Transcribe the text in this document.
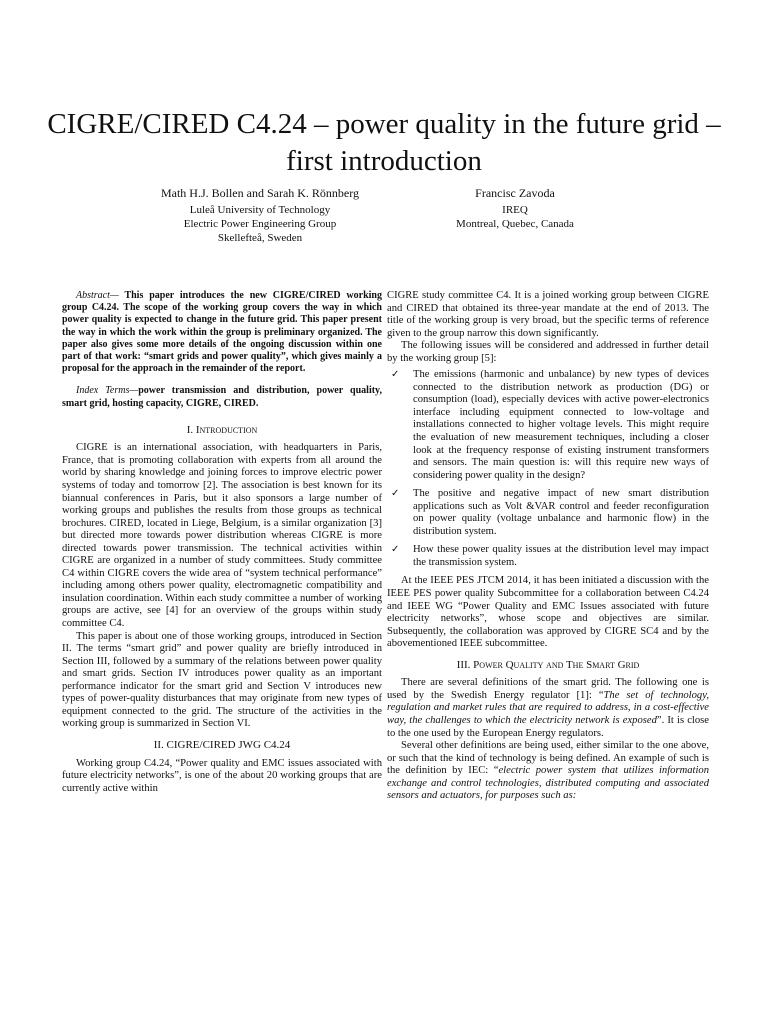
CIGRE/CIRED C4.24 – power quality in the future grid – first introduction
Math H.J. Bollen and Sarah K. Rönnberg
Luleå University of Technology
Electric Power Engineering Group
Skellefteå, Sweden
Francisc Zavoda
IREQ
Montreal, Quebec, Canada

Abstract— This paper introduces the new CIGRE/CIRED working group C4.24. The scope of the working group covers the way in which power quality is expected to change in the future grid. This paper present the way in which the work within the group is preliminary organized. The paper also gives some more details of the ongoing discussion within one part of that work: “smart grids and power quality”, which gives mainly a proposal for the approach in the remainder of the report.

Index Terms—power transmission and distribution, power quality, smart grid, hosting capacity, CIGRE, CIRED.

I. Introduction

CIGRE is an international association, with headquarters in Paris, France, that is promoting collaboration with experts from all around the world by sharing knowledge and joining forces to improve electric power systems of today and tomorrow [2]. The association is best known for its biannual conferences in Paris, but it also sponsors a large number of working groups and publishes the results from those groups as technical brochures. CIRED, located in Liege, Belgium, is a similar organization [3] but directed more towards power distribution whereas CIGRE is more directed towards power transmission. The technical activities within CIGRE are organized in a number of study committees. Study committee C4 within CIGRE covers the wide area of “system technical performance” including among others power quality, electromagnetic compatibility and insulation coordination. Within each study committee a number of working groups are active, see [4] for an overview of the groups within study committee C4.

This paper is about one of those working groups, introduced in Section II. The terms “smart grid” and power quality are briefly introduced in Section III, followed by a summary of the relations between power quality and smart grids. Section IV introduces power quality as an important performance indicator for the smart grid and Section V introduces new types of power-quality disturbances that may originate from new types of equipment connected to the grid. The structure of the activities in the working group is summarized in Section VI.

II. CIGRE/CIRED JWG C4.24

Working group C4.24, “Power quality and EMC issues associated with future electricity networks”, is one of the about 20 working groups that are currently active within

CIGRE study committee C4. It is a joined working group between CIGRE and CIRED that obtained its three-year mandate at the end of 2013. The title of the working group is very broad, but the specific terms of reference given to the group narrow this down significantly.

The following issues will be considered and addressed in further detail by the working group [5]:

✓ The emissions (harmonic and unbalance) by new types of devices connected to the distribution network as production (DG) or consumption (load), especially devices with active power-electronics interface including equipment connected to low-voltage and installations connected to higher voltage levels. This might require the evaluation of new measurement techniques, including a closer look at the frequency response of existing instrument transformers and sensors. The main question is: will this require new ways of considering power quality in the design?
✓ The positive and negative impact of new smart distribution applications such as Volt &VAR control and feeder reconfiguration on power quality (voltage unbalance and harmonic flow) in the distribution system.
✓ How these power quality issues at the distribution level may impact the transmission system.

At the IEEE PES JTCM 2014, it has been initiated a discussion with the IEEE PES power quality Subcommittee for a collaboration between C4.24 and IEEE WG “Power Quality and EMC Issues associated with future electricity networks”, whose scope and objectives are similar. Subsequently, the collaboration was approved by CIGRE SC4 and by the abovementioned IEEE subcommittee.

III. Power Quality and The Smart Grid

There are several definitions of the smart grid. The following one is used by the Swedish Energy regulator [1]: “The set of technology, regulation and market rules that are required to address, in a cost-effective way, the challenges to which the electricity network is exposed”. It is close to the one used by the European Energy regulators.

Several other definitions are being used, either similar to the one above, or such that the kind of technology is being defined. An example of such is the definition by IEC: “electric power system that utilizes information exchange and control technologies, distributed computing and associated sensors and actuators, for purposes such as:
